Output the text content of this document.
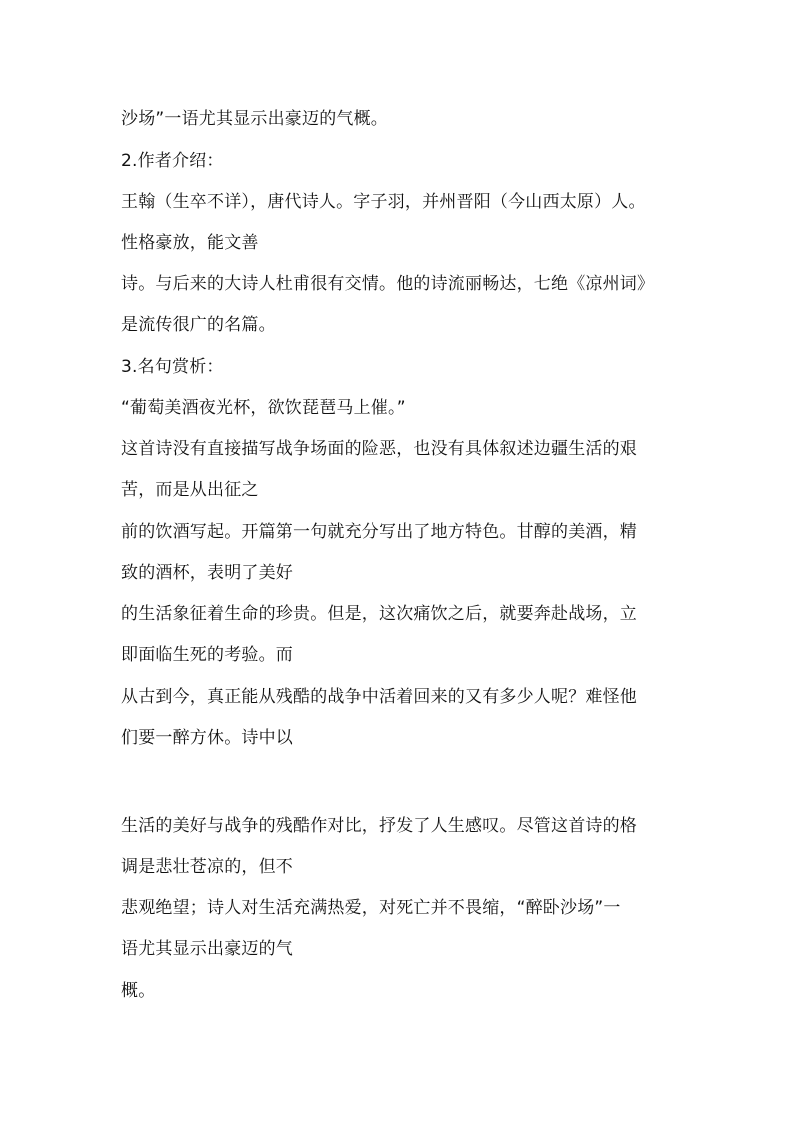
沙场”一语尤其显示出豪迈的气概。
2.作者介绍：
王翰（生卒不详），唐代诗人。字子羽，并州晋阳（今山西太原）人。
性格豪放，能文善
诗。与后来的大诗人杜甫很有交情。他的诗流丽畅达，七绝《凉州词》
是流传很广的名篇。
3.名句赏析：
“葡萄美酒夜光杯，欲饮琵琶马上催。”
这首诗没有直接描写战争场面的险恶，也没有具体叙述边疆生活的艰
苦，而是从出征之
前的饮酒写起。开篇第一句就充分写出了地方特色。甘醇的美酒，精
致的酒杯，表明了美好
的生活象征着生命的珍贵。但是，这次痛饮之后，就要奔赴战场，立
即面临生死的考验。而
从古到今，真正能从残酷的战争中活着回来的又有多少人呢？难怪他
们要一醉方休。诗中以
生活的美好与战争的残酷作对比，抒发了人生感叹。尽管这首诗的格
调是悲壮苍凉的，但不
悲观绝望；诗人对生活充满热爱，对死亡并不畏缩，“醉卧沙场”一
语尤其显示出豪迈的气
概。
